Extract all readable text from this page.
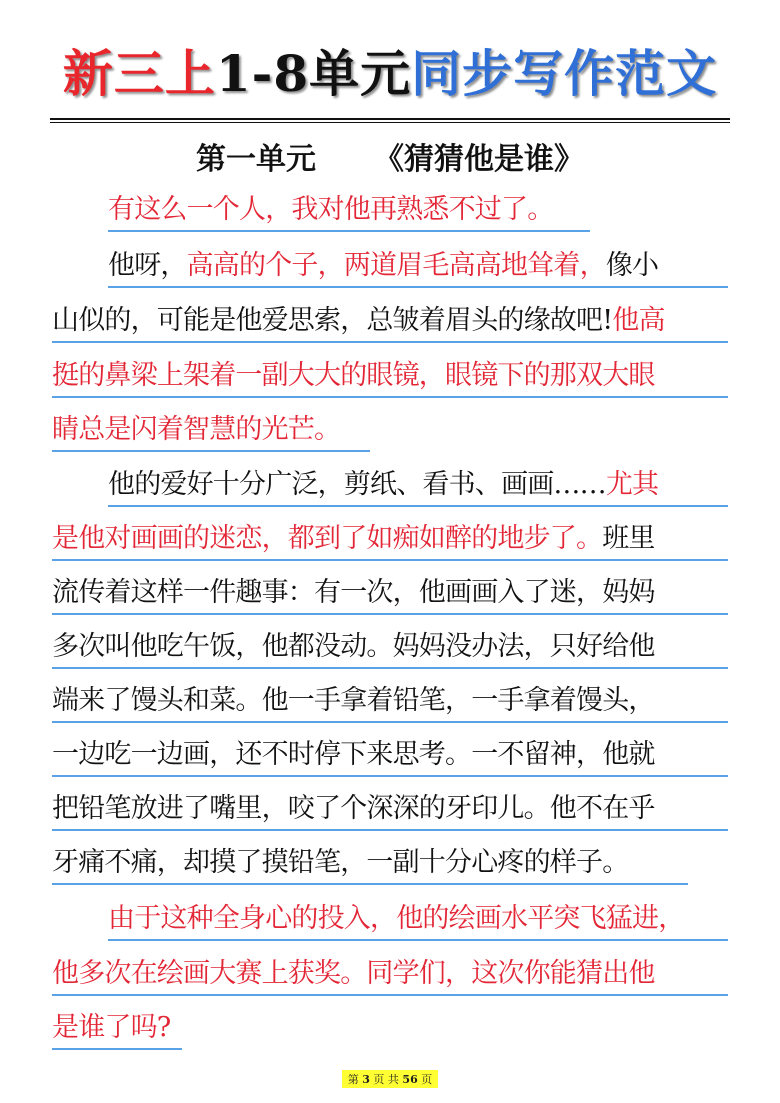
新三上1-8单元同步写作范文
第一单元 《猜猜他是谁》
有这么一个人，我对他再熟悉不过了。
他呀，高高的个子，两道眉毛高高地耸着，像小
山似的，可能是他爱思索，总皱着眉头的缘故吧!他高
挺的鼻梁上架着一副大大的眼镜，眼镜下的那双大眼
睛总是闪着智慧的光芒。
他的爱好十分广泛，剪纸、看书、画画……尤其
是他对画画的迷恋，都到了如痴如醉的地步了。班里
流传着这样一件趣事：有一次，他画画入了迷，妈妈
多次叫他吃午饭，他都没动。妈妈没办法，只好给他
端来了馒头和菜。他一手拿着铅笔，一手拿着馒头，
一边吃一边画，还不时停下来思考。一不留神，他就
把铅笔放进了嘴里，咬了个深深的牙印儿。他不在乎
牙痛不痛，却摸了摸铅笔，一副十分心疼的样子。
由于这种全身心的投入，他的绘画水平突飞猛进，
他多次在绘画大赛上获奖。同学们，这次你能猜出他
是谁了吗?
第 3 页 共 56 页
